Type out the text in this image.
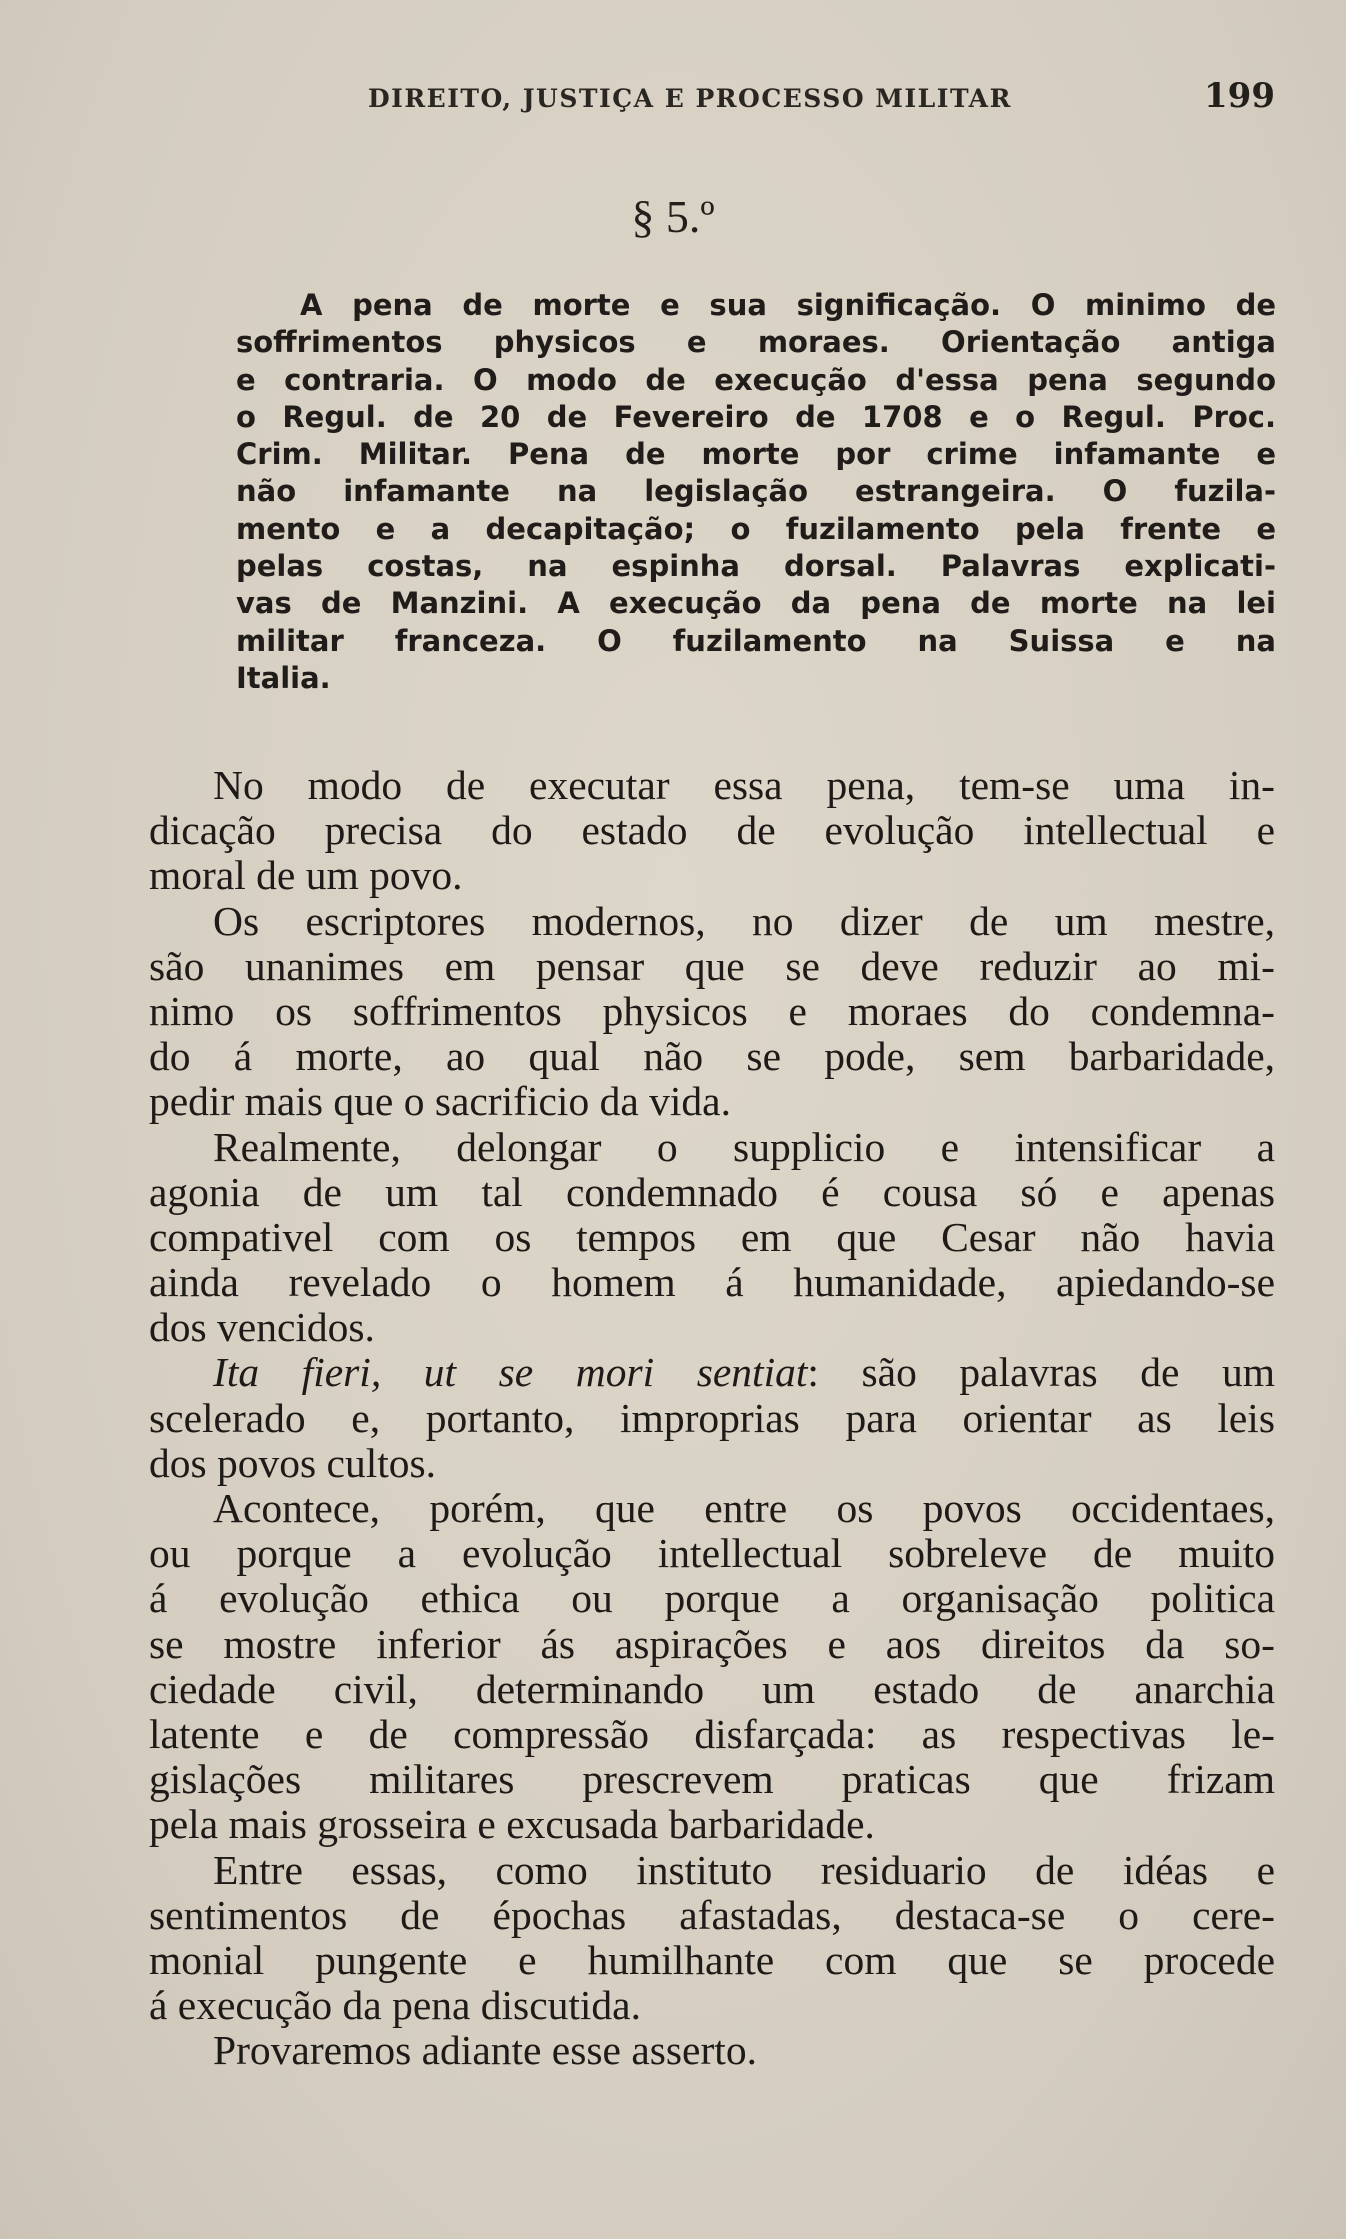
DIREITO, JUSTIÇA E PROCESSO MILITAR	199
§ 5.º
A pena de morte e sua significação. O minimo de
soffrimentos physicos e moraes. Orientação antiga
e contraria. O modo de execução d'essa pena segundo
o Regul. de 20 de Fevereiro de 1708 e o Regul. Proc.
Crim. Militar. Pena de morte por crime infamante e
não infamante na legislação estrangeira. O fuzila-
mento e a decapitação; o fuzilamento pela frente e
pelas costas, na espinha dorsal. Palavras explicati-
vas de Manzini. A execução da pena de morte na lei
militar franceza. O fuzilamento na Suissa e na
Italia.
No modo de executar essa pena, tem-se uma in-
dicação precisa do estado de evolução intellectual e
moral de um povo.
Os escriptores modernos, no dizer de um mestre,
são unanimes em pensar que se deve reduzir ao mi-
nimo os soffrimentos physicos e moraes do condemna-
do á morte, ao qual não se pode, sem barbaridade,
pedir mais que o sacrificio da vida.
Realmente, delongar o supplicio e intensificar a
agonia de um tal condemnado é cousa só e apenas
compativel com os tempos em que Cesar não havia
ainda revelado o homem á humanidade, apiedando-se
dos vencidos.
Ita fieri, ut se mori sentiat: são palavras de um
scelerado e, portanto, improprias para orientar as leis
dos povos cultos.
Acontece, porém, que entre os povos occidentaes,
ou porque a evolução intellectual sobreleve de muito
á evolução ethica ou porque a organisação politica
se mostre inferior ás aspirações e aos direitos da so-
ciedade civil, determinando um estado de anarchia
latente e de compressão disfarçada: as respectivas le-
gislações militares prescrevem praticas que frizam
pela mais grosseira e excusada barbaridade.
Entre essas, como instituto residuario de idéas e
sentimentos de épochas afastadas, destaca-se o cere-
monial pungente e humilhante com que se procede
á execução da pena discutida.
Provaremos adiante esse asserto.
